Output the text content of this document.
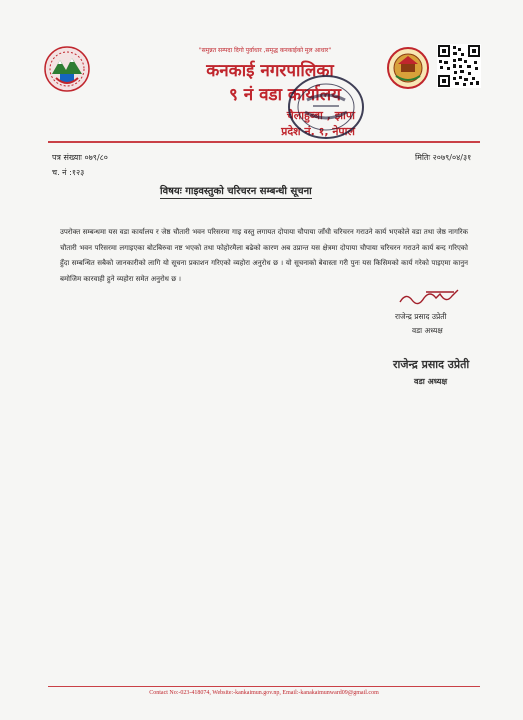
"समुन्नत सम्पदा दिगो पुर्वाधार ,समृद्ध कनकाईको मुल आधार"
कनकाई नगरपालिका
९ नं वडा कार्यालय
चैलाहुब्बा , झापा
प्रदेश नं. १, नेपाल
पत्र संख्याः ०७९/८०
च. नं :१२३
मितिः २०७९/०४/३१
विषयः गाइवस्तुको चरिचरन सम्बन्धी सूचना
उपरोक्त सम्बन्धमा यस वडा कार्यालय र जेष्ठ चौतारी भवन परिसरमा गाइ वस्तु लगायत दोपाया चौपाया जाँधी चरिचरन गराउने कार्य भएकोले वडा तथा जेष्ठ नागरिक चौतारी भवन परिसरमा लगाइएका बोटबिरुवा नष्ट भएको तथा फोहोरमैला बढेको कारण अब उप्रान्त यस क्षेत्रमा दोपाया चौपाया चरिचरन गराउने कार्य बन्द गरिएको हुँदा सम्बन्धित सबैको जानकारीको लागि यो सूचना प्रकाशन गरिएको व्यहोरा अनुरोध छ । यो सूचनाको बेवास्ता गरी पुनः यस किसिमको कार्य गरेको पाइएमा कानुन बमोजिम कारवाही हुने व्यहोरा समेत अनुरोध छ ।
राजेन्द्र प्रसाद उप्रेती
वडा अध्यक्ष
राजेन्द्र प्रसाद उप्रेती
वडा अध्यक्ष
Contact No:-023-418074, Website:-kankaimun.gov.np, Email:-kanakaimunward09@gmail.com
